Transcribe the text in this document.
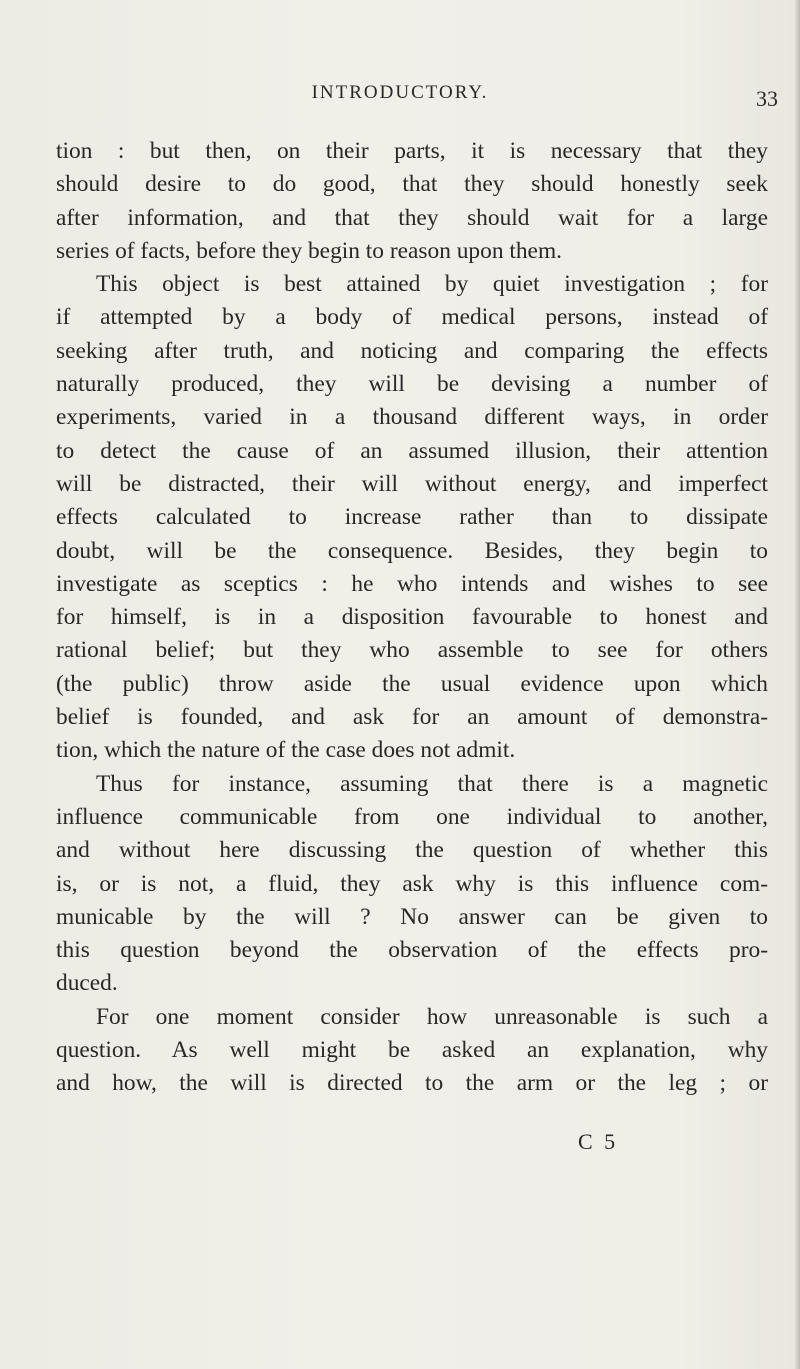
INTRODUCTORY.	33
tion : but then, on their parts, it is necessary that they
should desire to do good, that they should honestly seek
after information, and that they should wait for a large
series of facts, before they begin to reason upon them.
This object is best attained by quiet investigation ; for
if attempted by a body of medical persons, instead of
seeking after truth, and noticing and comparing the effects
naturally produced, they will be devising a number of
experiments, varied in a thousand different ways, in order
to detect the cause of an assumed illusion, their attention
will be distracted, their will without energy, and imperfect
effects calculated to increase rather than to dissipate
doubt, will be the consequence. Besides, they begin to
investigate as sceptics : he who intends and wishes to see
for himself, is in a disposition favourable to honest and
rational belief; but they who assemble to see for others
(the public) throw aside the usual evidence upon which
belief is founded, and ask for an amount of demonstra-
tion, which the nature of the case does not admit.
Thus for instance, assuming that there is a magnetic
influence communicable from one individual to another,
and without here discussing the question of whether this
is, or is not, a fluid, they ask why is this influence com-
municable by the will ? No answer can be given to
this question beyond the observation of the effects pro-
duced.
For one moment consider how unreasonable is such a
question. As well might be asked an explanation, why
and how, the will is directed to the arm or the leg ; or
C 5
